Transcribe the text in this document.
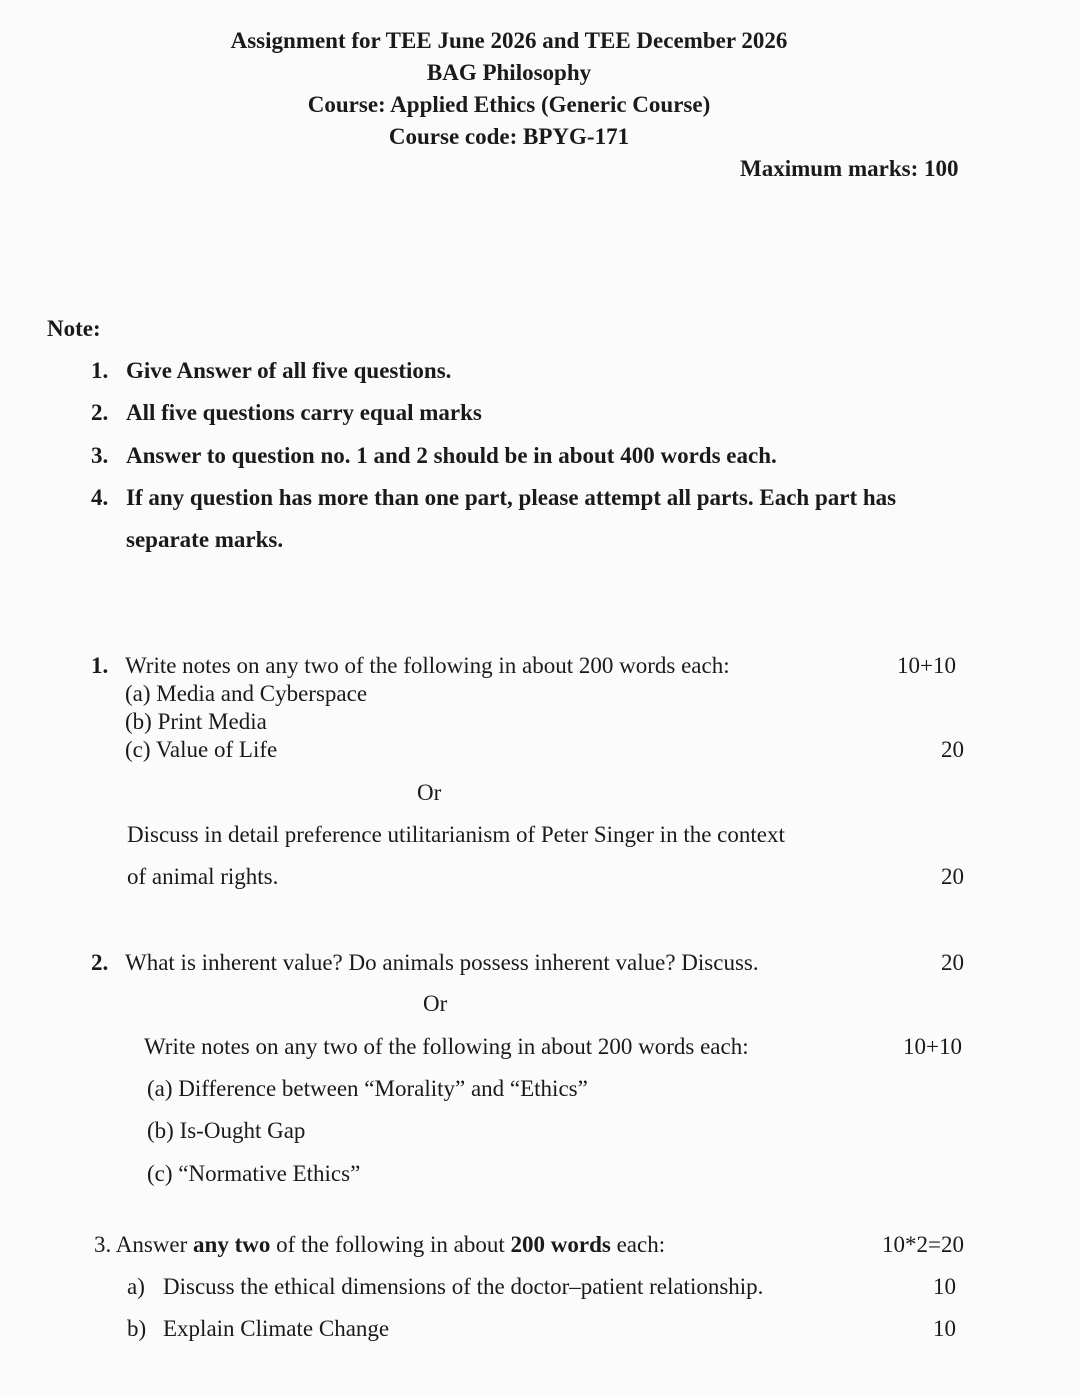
Assignment for TEE June 2026 and TEE December 2026
BAG Philosophy
Course: Applied Ethics (Generic Course)
Course code: BPYG-171
Maximum marks: 100
Note:
1. Give Answer of all five questions.
2. All five questions carry equal marks
3. Answer to question no. 1 and 2 should be in about 400 words each.
4. If any question has more than one part, please attempt all parts. Each part has
separate marks.
1. Write notes on any two of the following in about 200 words each:	10+10
(a) Media and Cyberspace
(b) Print Media
(c) Value of Life	20
Or
Discuss in detail preference utilitarianism of Peter Singer in the context
of animal rights.	20
2. What is inherent value? Do animals possess inherent value? Discuss.	20
Or
Write notes on any two of the following in about 200 words each:	10+10
(a) Difference between “Morality” and “Ethics”
(b) Is-Ought Gap
(c) “Normative Ethics”
3. Answer any two of the following in about 200 words each:	10*2=20
a) Discuss the ethical dimensions of the doctor–patient relationship.	10
b) Explain Climate Change	10
